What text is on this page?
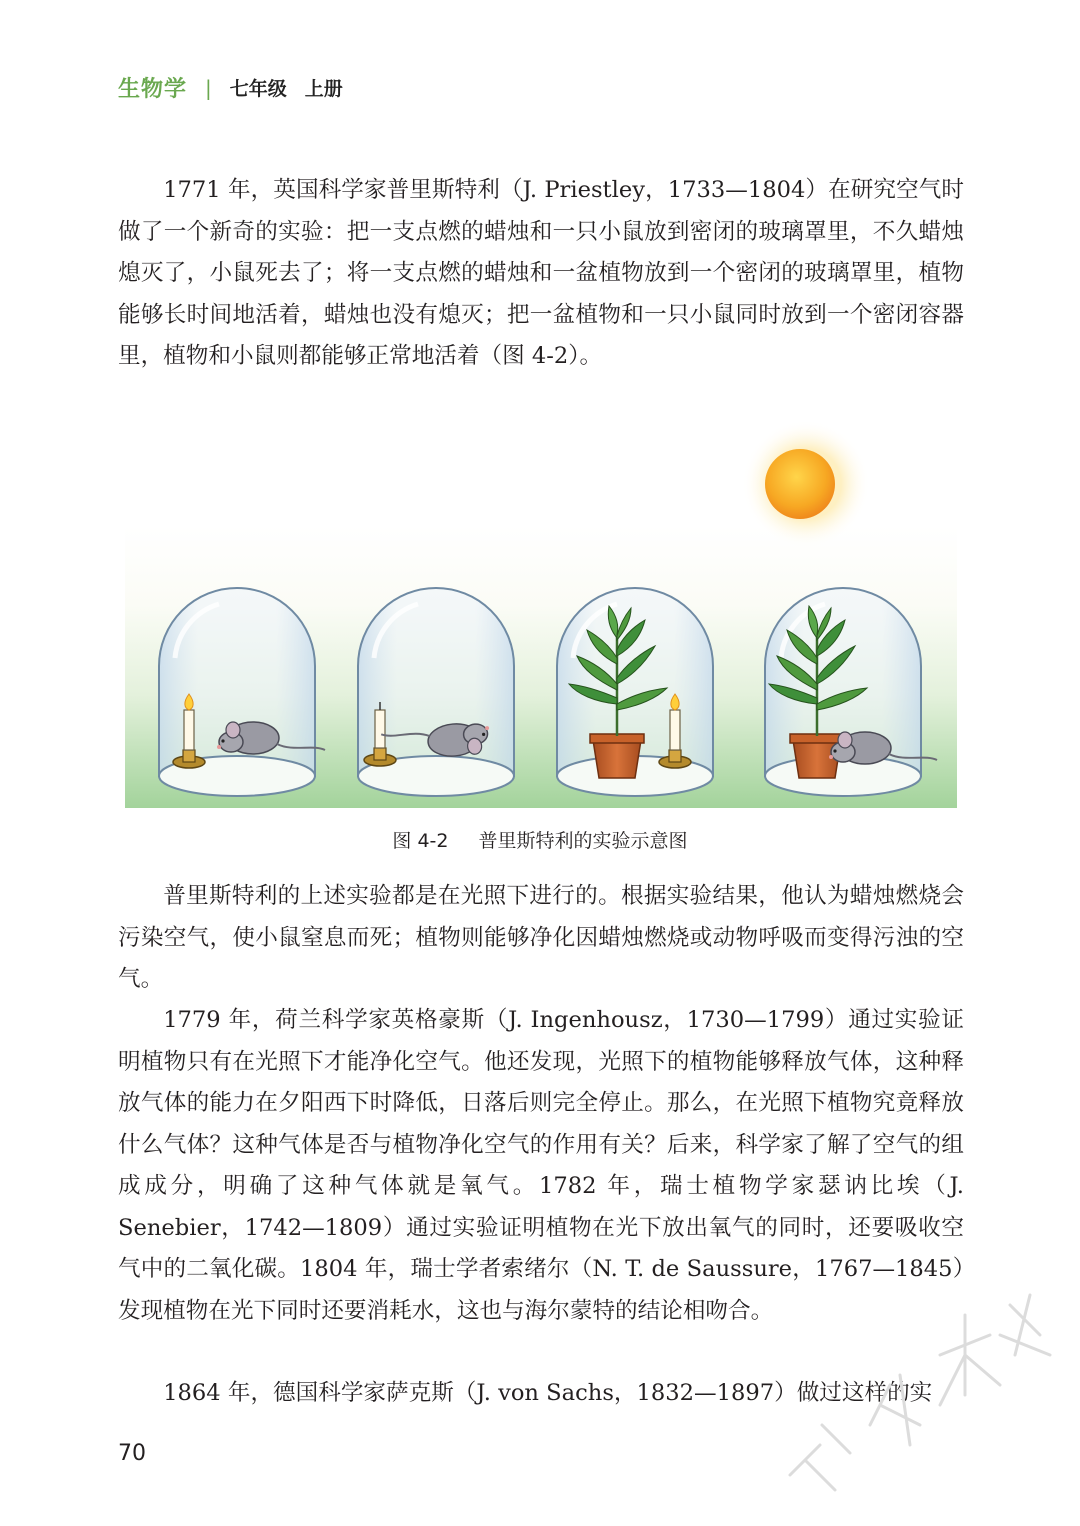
生物学 | 七年级 上册

1771 年，英国科学家普里斯特利（J. Priestley，1733—1804）在研究空气时做了一个新奇的实验：把一支点燃的蜡烛和一只小鼠放到密闭的玻璃罩里，不久蜡烛熄灭了，小鼠死去了；将一支点燃的蜡烛和一盆植物放到一个密闭的玻璃罩里，植物能够长时间地活着，蜡烛也没有熄灭；把一盆植物和一只小鼠同时放到一个密闭容器里，植物和小鼠则都能够正常地活着（图 4-2）。

图 4-2 普里斯特利的实验示意图

普里斯特利的上述实验都是在光照下进行的。根据实验结果，他认为蜡烛燃烧会污染空气，使小鼠窒息而死；植物则能够净化因蜡烛燃烧或动物呼吸而变得污浊的空气。

1779 年，荷兰科学家英格豪斯（J. Ingenhousz，1730—1799）通过实验证明植物只有在光照下才能净化空气。他还发现，光照下的植物能够释放气体，这种释放气体的能力在夕阳西下时降低，日落后则完全停止。那么，在光照下植物究竟释放什么气体？这种气体是否与植物净化空气的作用有关？后来，科学家了解了空气的组成成分，明确了这种气体就是氧气。1782 年，瑞士植物学家瑟讷比埃（J. Senebier，1742—1809）通过实验证明植物在光下放出氧气的同时，还要吸收空气中的二氧化碳。1804 年，瑞士学者索绪尔（N. T. de Saussure，1767—1845）发现植物在光下同时还要消耗水，这也与海尔蒙特的结论相吻合。

1864 年，德国科学家萨克斯（J. von Sachs，1832—1897）做过这样的实

70
